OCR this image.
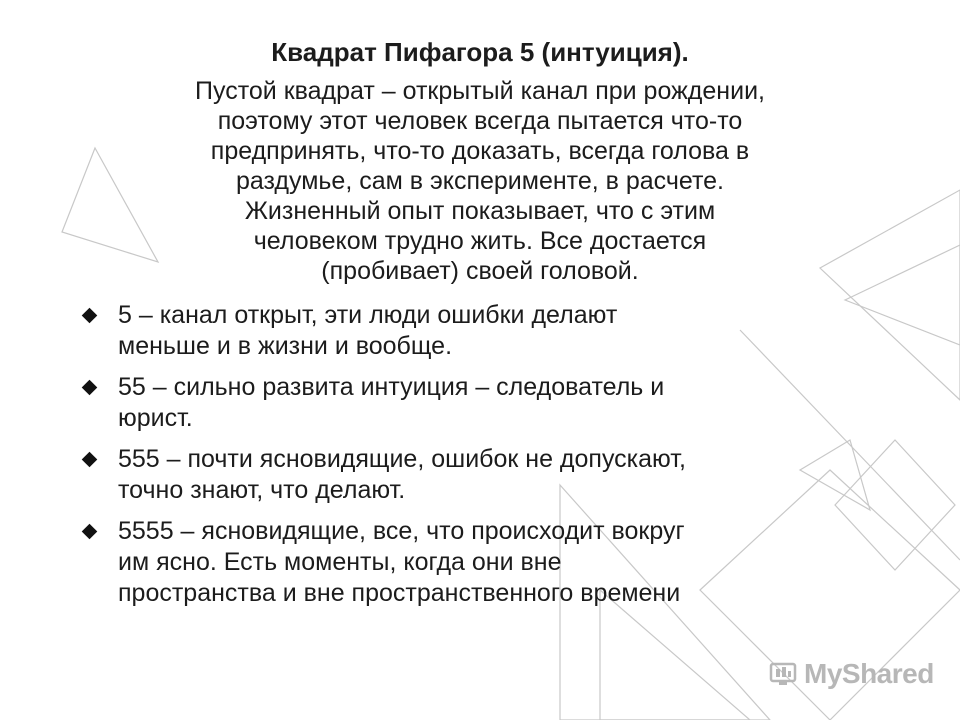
Квадрат Пифагора 5 (интуиция).
Пустой квадрат – открытый канал при рождении,
поэтому этот человек всегда пытается что-то
предпринять, что-то доказать, всегда голова в
раздумье, сам в эксперименте, в расчете.
Жизненный опыт показывает, что с этим
человеком трудно жить. Все достается
(пробивает) своей головой.
5 – канал открыт, эти люди ошибки делают
меньше и в жизни и вообще.
55 – сильно развита интуиция – следователь и
юрист.
555 – почти ясновидящие, ошибок не допускают,
точно знают, что делают.
5555 – ясновидящие, все, что происходит вокруг
им ясно. Есть моменты, когда они вне
пространства и вне пространственного времени
MyShared
